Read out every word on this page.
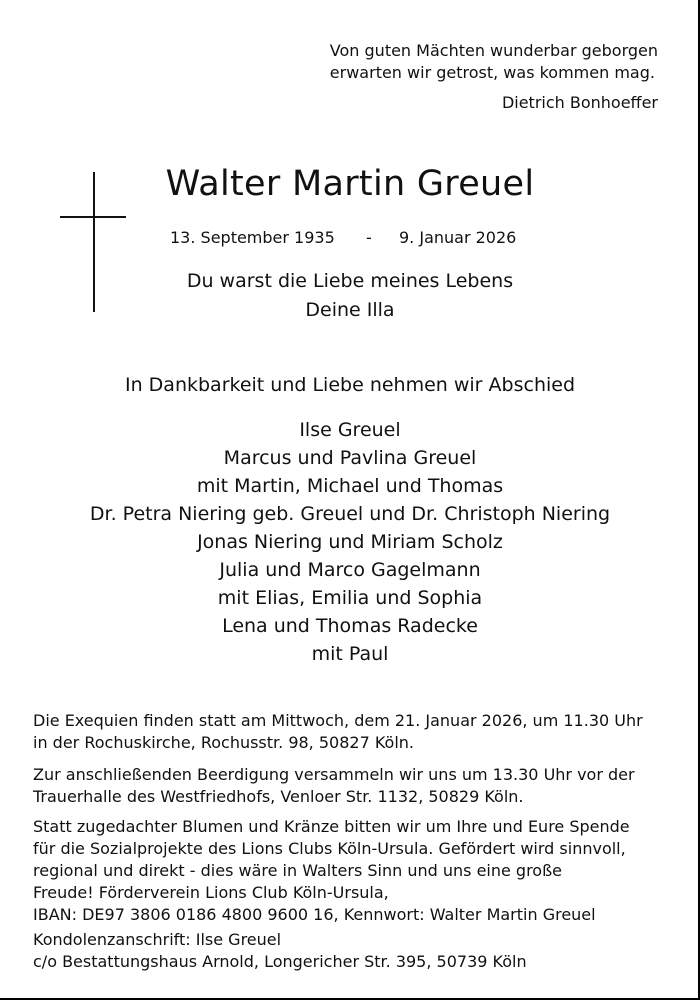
Von guten Mächten wunderbar geborgen
erwarten wir getrost, was kommen mag.
Dietrich Bonhoeffer
Walter Martin Greuel
13. September 1935 - 9. Januar 2026
Du warst die Liebe meines Lebens
Deine Illa
In Dankbarkeit und Liebe nehmen wir Abschied
Ilse Greuel
Marcus und Pavlina Greuel
mit Martin, Michael und Thomas
Dr. Petra Niering geb. Greuel und Dr. Christoph Niering
Jonas Niering und Miriam Scholz
Julia und Marco Gagelmann
mit Elias, Emilia und Sophia
Lena und Thomas Radecke
mit Paul
Die Exequien finden statt am Mittwoch, dem 21. Januar 2026, um 11.30 Uhr
in der Rochuskirche, Rochusstr. 98, 50827 Köln.
Zur anschließenden Beerdigung versammeln wir uns um 13.30 Uhr vor der
Trauerhalle des Westfriedhofs, Venloer Str. 1132, 50829 Köln.
Statt zugedachter Blumen und Kränze bitten wir um Ihre und Eure Spende
für die Sozialprojekte des Lions Clubs Köln-Ursula. Gefördert wird sinnvoll,
regional und direkt - dies wäre in Walters Sinn und uns eine große
Freude! Förderverein Lions Club Köln-Ursula,
IBAN: DE97 3806 0186 4800 9600 16, Kennwort: Walter Martin Greuel
Kondolenzanschrift: Ilse Greuel
c/o Bestattungshaus Arnold, Longericher Str. 395, 50739 Köln
